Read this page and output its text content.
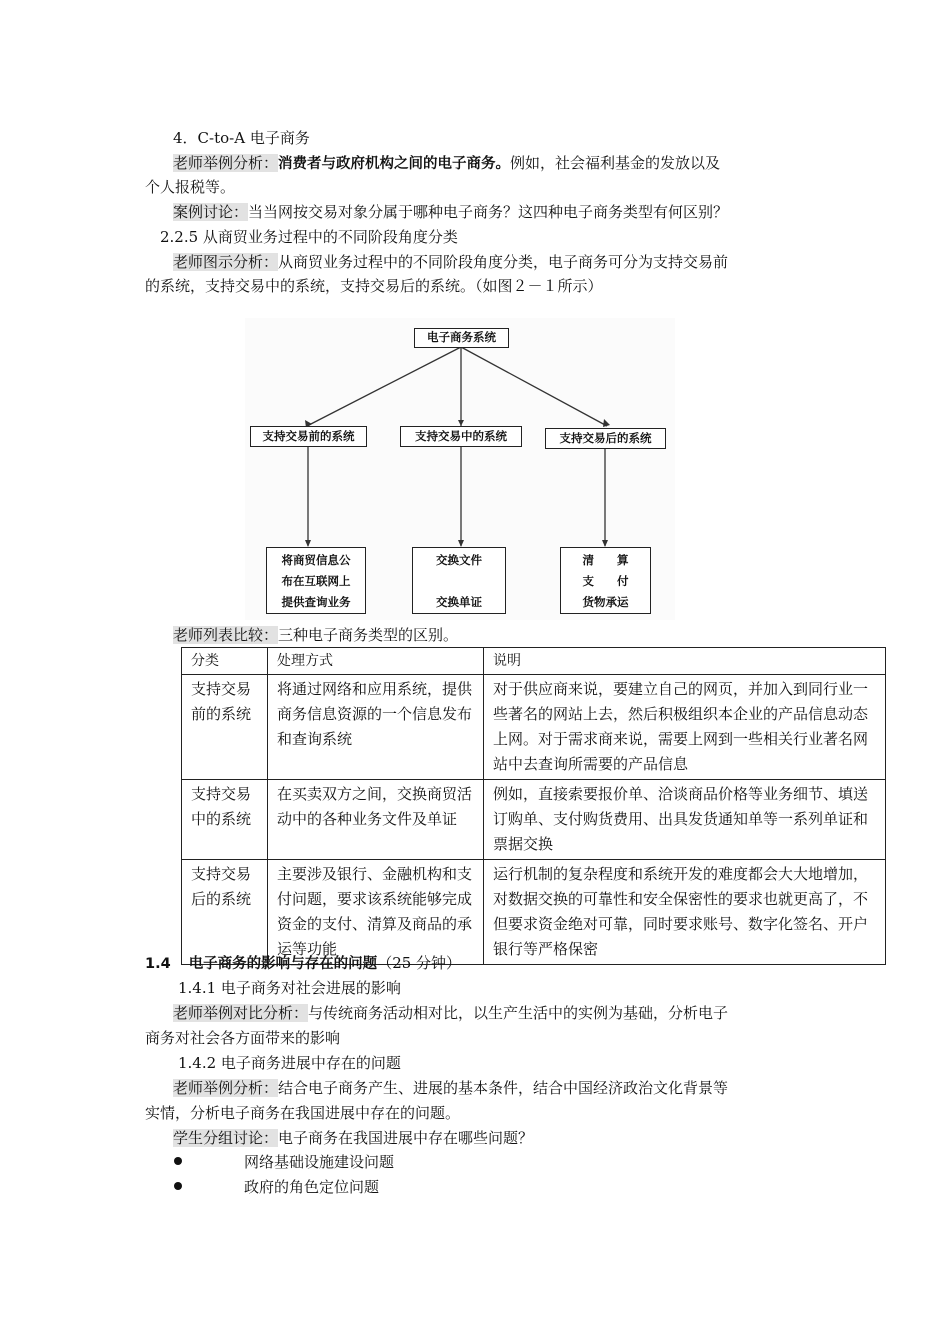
4．C-to-A 电子商务
老师举例分析：消费者与政府机构之间的电子商务。例如，社会福利基金的发放以及
个人报税等。
案例讨论：当当网按交易对象分属于哪种电子商务？这四种电子商务类型有何区别？
2.2.5 从商贸业务过程中的不同阶段角度分类
老师图示分析：从商贸业务过程中的不同阶段角度分类，电子商务可分为支持交易前
的系统，支持交易中的系统，支持交易后的系统。（如图２－１所示）
电子商务系统
支持交易前的系统	支持交易中的系统	支持交易后的系统
将商贸信息公
布在互联网上
提供查询业务
交换文件
交换单证
清　　算
支　　付
货物承运
老师列表比较：三种电子商务类型的区别。
分类	处理方式	说明
支持交易前的系统	将通过网络和应用系统，提供商务信息资源的一个信息发布和查询系统	对于供应商来说，要建立自己的网页，并加入到同行业一些著名的网站上去，然后积极组织本企业的产品信息动态上网。对于需求商来说，需要上网到一些相关行业著名网站中去查询所需要的产品信息
支持交易中的系统	在买卖双方之间，交换商贸活动中的各种业务文件及单证	例如，直接索要报价单、洽谈商品价格等业务细节、填送订购单、支付购货费用、出具发货通知单等一系列单证和票据交换
支持交易后的系统	主要涉及银行、金融机构和支付问题，要求该系统能够完成资金的支付、清算及商品的承运等功能	运行机制的复杂程度和系统开发的难度都会大大地增加，对数据交换的可靠性和安全保密性的要求也就更高了，不但要求资金绝对可靠，同时要求账号、数字化签名、开户银行等严格保密
1.4 电子商务的影响与存在的问题（25 分钟）
1.4.1 电子商务对社会进展的影响
老师举例对比分析：与传统商务活动相对比，以生产生活中的实例为基础，分析电子
商务对社会各方面带来的影响
1.4.2 电子商务进展中存在的问题
老师举例分析：结合电子商务产生、进展的基本条件，结合中国经济政治文化背景等
实情，分析电子商务在我国进展中存在的问题。
学生分组讨论：电子商务在我国进展中存在哪些问题？
网络基础设施建设问题
政府的角色定位问题
